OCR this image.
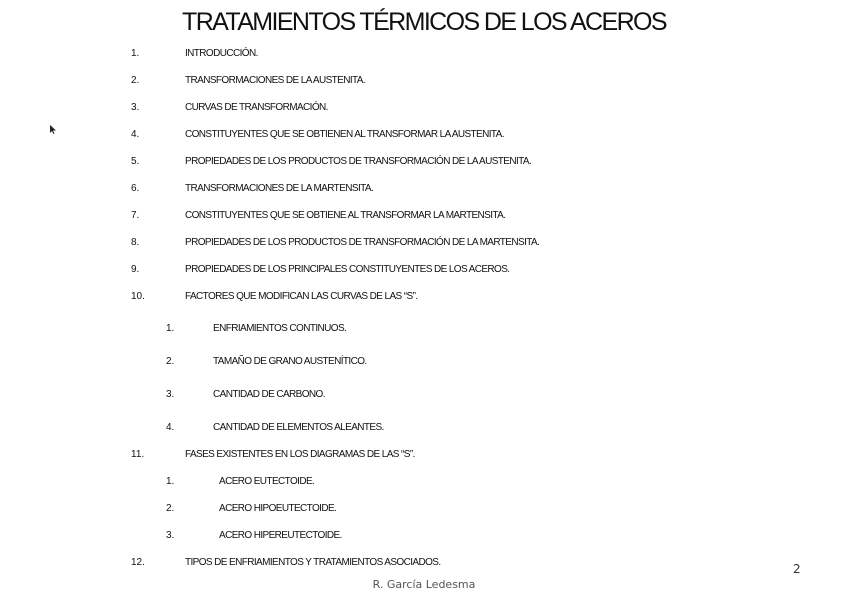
TRATAMIENTOS TÉRMICOS DE LOS ACEROS
1.	INTRODUCCIÓN.
2.	TRANSFORMACIONES DE LA AUSTENITA.
3.	CURVAS DE TRANSFORMACIÓN.
4.	CONSTITUYENTES QUE SE OBTIENEN AL TRANSFORMAR LA AUSTENITA.
5.	PROPIEDADES DE LOS PRODUCTOS DE TRANSFORMACIÓN DE LA AUSTENITA.
6.	TRANSFORMACIONES DE LA MARTENSITA.
7.	CONSTITUYENTES QUE SE OBTIENE AL TRANSFORMAR LA MARTENSITA.
8.	PROPIEDADES DE LOS PRODUCTOS DE TRANSFORMACIÓN DE LA MARTENSITA.
9.	PROPIEDADES DE LOS PRINCIPALES CONSTITUYENTES DE LOS ACEROS.
10.	FACTORES QUE MODIFICAN LAS CURVAS DE LAS “S”.
1.	ENFRIAMIENTOS CONTINUOS.
2.	TAMAÑO DE GRANO AUSTENÍTICO.
3.	CANTIDAD DE CARBONO.
4.	CANTIDAD DE ELEMENTOS ALEANTES.
11.	FASES EXISTENTES EN LOS DIAGRAMAS DE LAS “S”.
1.	ACERO EUTECTOIDE.
2.	ACERO HIPOEUTECTOIDE.
3.	ACERO HIPEREUTECTOIDE.
12.	TIPOS DE ENFRIAMIENTOS Y TRATAMIENTOS ASOCIADOS.	2
R. García Ledesma
